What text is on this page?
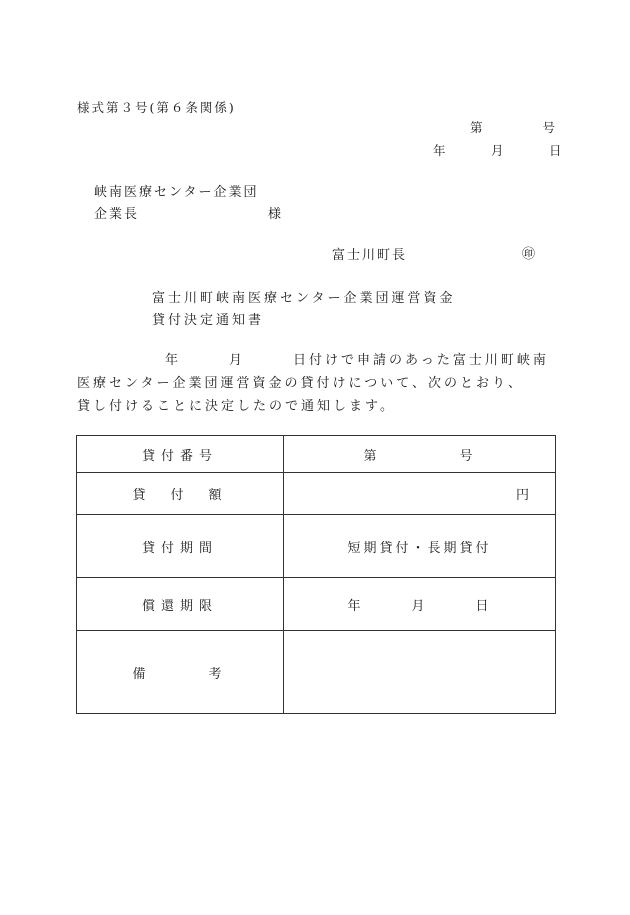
様式第３号(第６条関係)
第　　　　号
年　　　月　　　日
峡南医療センター企業団
企業長	様
富士川町長	㊞
富士川町峡南医療センター企業団運営資金
貸付決定通知書
年　　　月　　　日付けで申請のあった富士川町峡南
医療センター企業団運営資金の貸付けについて、次のとおり、
貸し付けることに決定したので通知します。
貸付番号	第　　　　　号
貸　付　額	円
貸付期間	短期貸付・長期貸付
償還期限	年　　　月　　　日
備　　　考	
